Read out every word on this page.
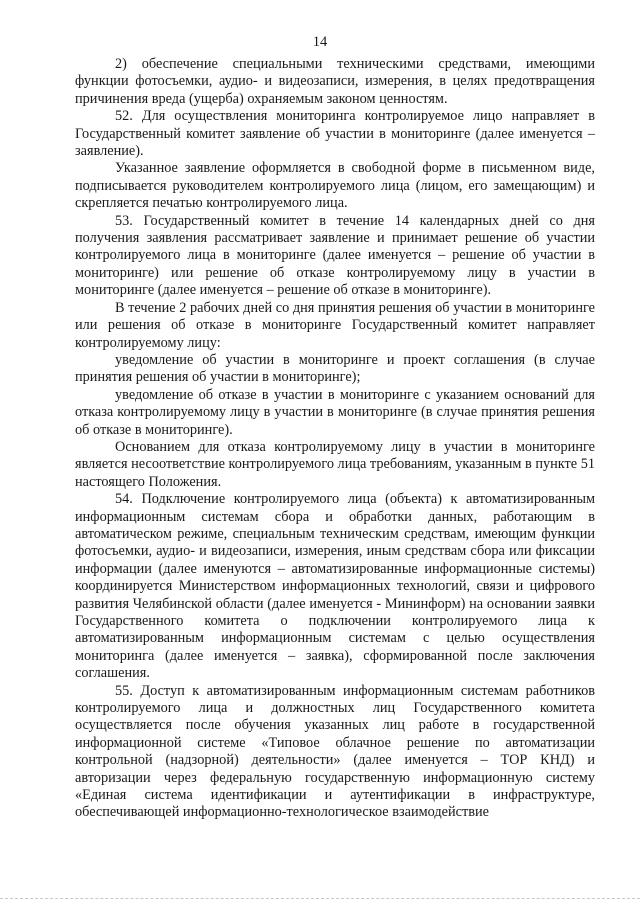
14

2) обеспечение специальными техническими средствами, имеющими функции фотосъемки, аудио- и видеозаписи, измерения, в целях предотвращения причинения вреда (ущерба) охраняемым законом ценностям.

52. Для осуществления мониторинга контролируемое лицо направляет в Государственный комитет заявление об участии в мониторинге (далее именуется – заявление).

Указанное заявление оформляется в свободной форме в письменном виде, подписывается руководителем контролируемого лица (лицом, его замещающим) и скрепляется печатью контролируемого лица.

53. Государственный комитет в течение 14 календарных дней со дня получения заявления рассматривает заявление и принимает решение об участии контролируемого лица в мониторинге (далее именуется – решение об участии в мониторинге) или решение об отказе контролируемому лицу в участии в мониторинге (далее именуется – решение об отказе в мониторинге).

В течение 2 рабочих дней со дня принятия решения об участии в мониторинге или решения об отказе в мониторинге Государственный комитет направляет контролируемому лицу:

уведомление об участии в мониторинге и проект соглашения (в случае принятия решения об участии в мониторинге);

уведомление об отказе в участии в мониторинге с указанием оснований для отказа контролируемому лицу в участии в мониторинге (в случае принятия решения об отказе в мониторинге).

Основанием для отказа контролируемому лицу в участии в мониторинге является несоответствие контролируемого лица требованиям, указанным в пункте 51 настоящего Положения.

54. Подключение контролируемого лица (объекта) к автоматизированным информационным системам сбора и обработки данных, работающим в автоматическом режиме, специальным техническим средствам, имеющим функции фотосъемки, аудио- и видеозаписи, измерения, иным средствам сбора или фиксации информации (далее именуются – автоматизированные информационные системы) координируется Министерством информационных технологий, связи и цифрового развития Челябинской области (далее именуется - Mининформ) на основании заявки Государственного комитета о подключении контролируемого лица к автоматизированным информационным системам с целью осуществления мониторинга (далее именуется – заявка), сформированной после заключения соглашения.

55. Доступ к автоматизированным информационным системам работников контролируемого лица и должностных лиц Государственного комитета осуществляется после обучения указанных лиц работе в государственной информационной системе «Типовое облачное решение по автоматизации контрольной (надзорной) деятельности» (далее именуется – ТОР КНД) и авторизации через федеральную государственную информационную систему «Единая система идентификации и аутентификации в инфраструктуре, обеспечивающей информационно-технологическое взаимодействие
